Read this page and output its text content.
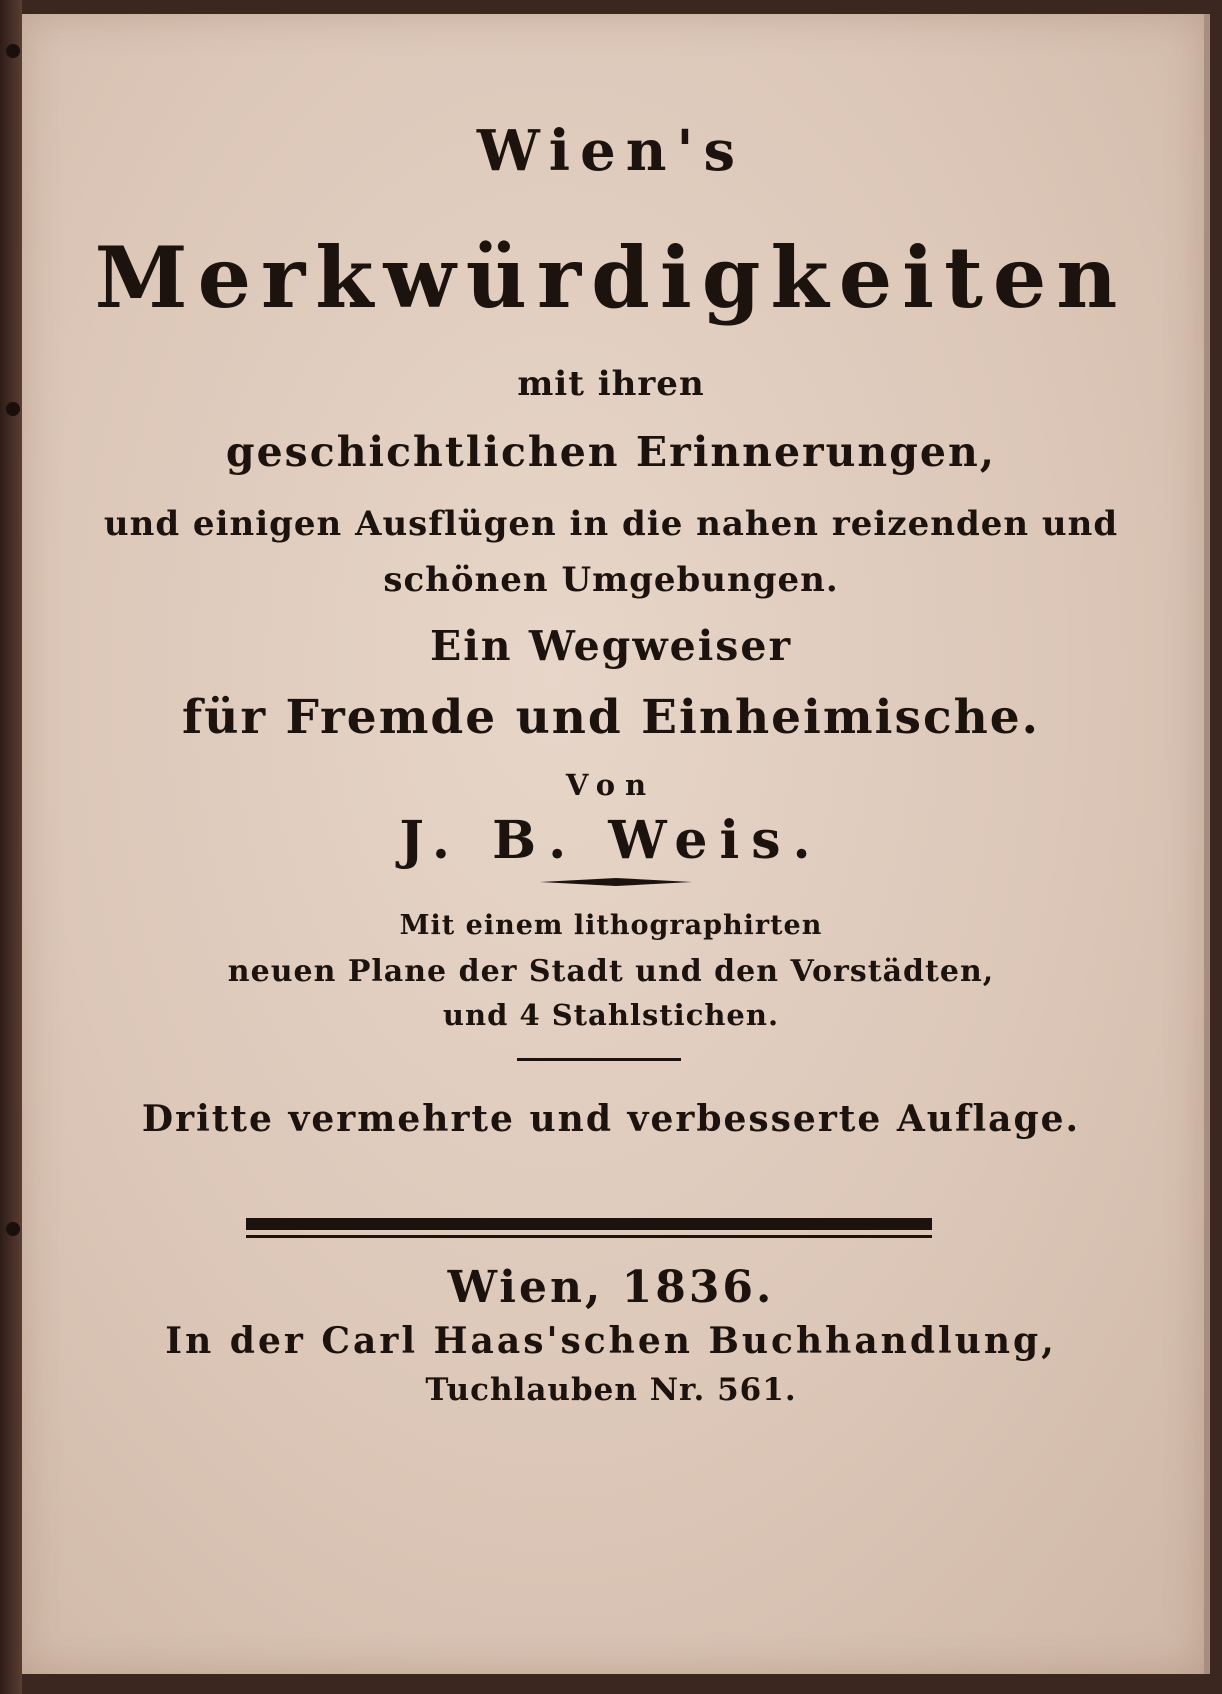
Wien's
Merkwürdigkeiten
mit ihren
geschichtlichen Erinnerungen,
und einigen Ausflügen in die nahen reizenden und
schönen Umgebungen.
Ein Wegweiser
für Fremde und Einheimische.
Von
J. B. Weis.
Mit einem lithographirten
neuen Plane der Stadt und den Vorstädten,
und 4 Stahlstichen.
Dritte vermehrte und verbesserte Auflage.
Wien, 1836.
In der Carl Haas'schen Buchhandlung,
Tuchlauben Nr. 561.
